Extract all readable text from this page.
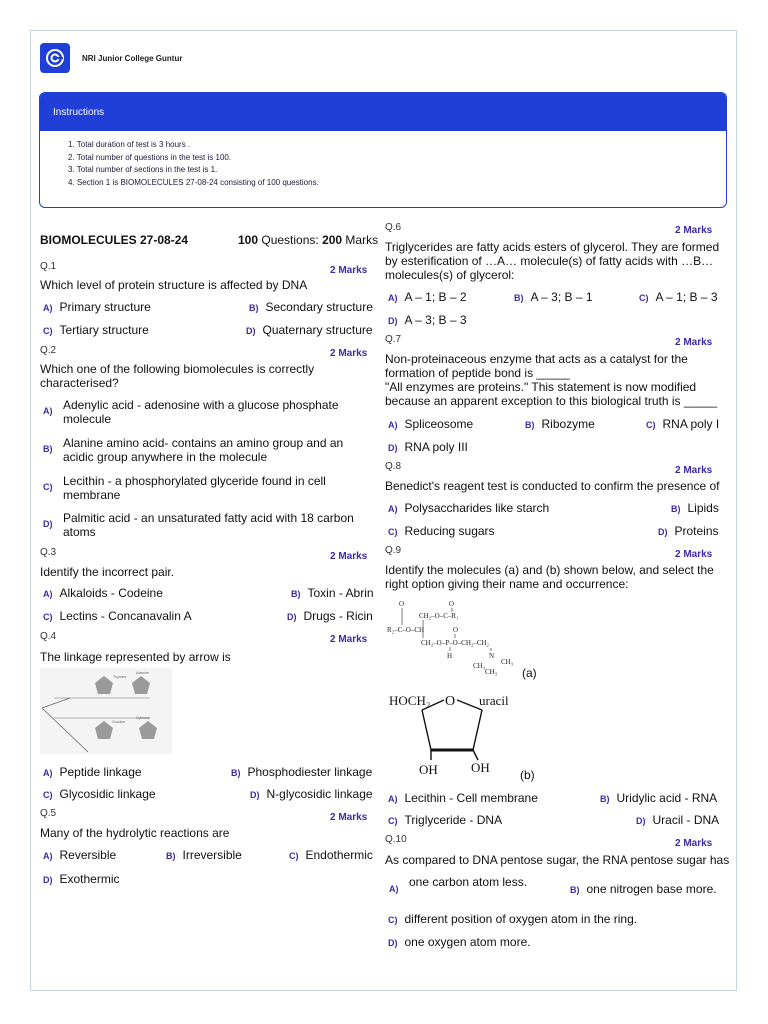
NRI Junior College Guntur
Instructions
1. Total duration of test is 3 hours .
2. Total number of questions in the test is 100.
3. Total number of sections in the test is 1.
4. Section 1 is BIOMOLECULES 27-08-24 consisting of 100 questions.
BIOMOLECULES 27-08-24	100 Questions: 200 Marks
Q.1	2 Marks
Which level of protein structure is affected by DNA
A) Primary structure	B) Secondary structure
C) Tertiary structure	D) Quaternary structure
Q.2	2 Marks
Which one of the following biomolecules is correctly characterised?
A) Adenylic acid - adenosine with a glucose phosphate molecule
B) Alanine amino acid- contains an amino group and an acidic group anywhere in the molecule
C) Lecithin - a phosphorylated glyceride found in cell membrane
D) Palmitic acid - an unsaturated fatty acid with 18 carbon atoms
Q.3	2 Marks
Identify the incorrect pair.
A) Alkaloids - Codeine	B) Toxin - Abrin
C) Lectins - Concanavalin A	D) Drugs - Ricin
Q.4	2 Marks
The linkage represented by arrow is
Thymine
Adenine
Guanine
Cytosine
A) Peptide linkage	B) Phosphodiester linkage
C) Glycosidic linkage	D) N-glycosidic linkage
Q.5	2 Marks
Many of the hydrolytic reactions are
A) Reversible	B) Irreversible	C) Endothermic
D) Exothermic
Q.6	2 Marks
Triglycerides are fatty acids esters of glycerol. They are formed by esterification of …A… molecule(s) of fatty acids with …B… molecules(s) of glycerol:
A) A – 1; B – 2	B) A – 3; B – 1	C) A – 1; B – 3
D) A – 3; B – 3
Q.7	2 Marks
Non-proteinaceous enzyme that acts as a catalyst for the formation of peptide bond is _____
"All enzymes are proteins." This statement is now modified because an apparent exception to this biological truth is _____
A) Spliceosome	B) Ribozyme	C) RNA poly I
D) RNA poly III
Q.8	2 Marks
Benedict's reagent test is conducted to confirm the presence of
A) Polysaccharides like starch	B) Lipids
C) Reducing sugars	D) Proteins
Q.9	2 Marks
Identify the molecules (a) and (b) shown below, and select the right option giving their name and occurrence:
O	O
CH₂–O–C–R₁
R₂–C–O–CH	O
CH₂–O–P–O–CH₂–CH₂
H	N
CH₃ CH₃
CH₃ (a)
HOCH₂ O uracil
OH	OH	(b)
A) Lecithin - Cell membrane	B) Uridylic acid - RNA
C) Triglyceride - DNA	D) Uracil - DNA
Q.10	2 Marks
As compared to DNA pentose sugar, the RNA pentose sugar has
A) one carbon atom less.
B) one nitrogen base more.
C) different position of oxygen atom in the ring.
D) one oxygen atom more.
